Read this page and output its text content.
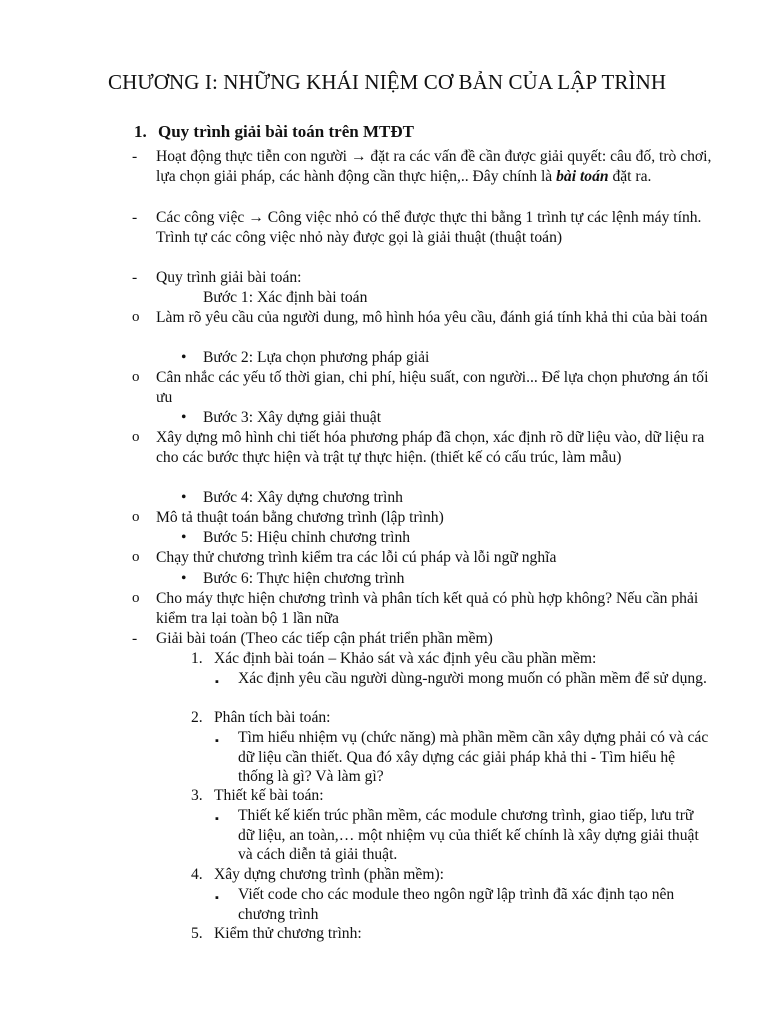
CHƯƠNG I: NHỮNG KHÁI NIỆM CƠ BẢN CỦA LẬP TRÌNH
1. Quy trình giải bài toán trên MTĐT
- Hoạt động thực tiễn con người → đặt ra các vấn đề cần được giải quyết: câu đố, trò chơi, lựa chọn giải pháp, các hành động cần thực hiện,.. Đây chính là bài toán đặt ra.
- Các công việc → Công việc nhỏ có thể được thực thi bằng 1 trình tự các lệnh máy tính. Trình tự các công việc nhỏ này được gọi là giải thuật (thuật toán)
- Quy trình giải bài toán:
Bước 1: Xác định bài toán
o Làm rõ yêu cầu của người dung, mô hình hóa yêu cầu, đánh giá tính khả thi của bài toán
• Bước 2: Lựa chọn phương pháp giải
o Cân nhắc các yếu tố thời gian, chi phí, hiệu suất, con người... Để lựa chọn phương án tối ưu
• Bước 3: Xây dựng giải thuật
o Xây dựng mô hình chi tiết hóa phương pháp đã chọn, xác định rõ dữ liệu vào, dữ liệu ra cho các bước thực hiện và trật tự thực hiện. (thiết kế có cấu trúc, làm mẫu)
• Bước 4: Xây dựng chương trình
o Mô tả thuật toán bằng chương trình (lập trình)
• Bước 5: Hiệu chỉnh chương trình
o Chạy thử chương trình kiểm tra các lỗi cú pháp và lỗi ngữ nghĩa
• Bước 6: Thực hiện chương trình
o Cho máy thực hiện chương trình và phân tích kết quả có phù hợp không? Nếu cần phải kiểm tra lại toàn bộ 1 lần nữa
- Giải bài toán (Theo các tiếp cận phát triển phần mềm)
1. Xác định bài toán – Khảo sát và xác định yêu cầu phần mềm:
▪ Xác định yêu cầu người dùng-người mong muốn có phần mềm để sử dụng.
2. Phân tích bài toán:
▪ Tìm hiểu nhiệm vụ (chức năng) mà phần mềm cần xây dựng phải có và các dữ liệu cần thiết. Qua đó xây dựng các giải pháp khả thi - Tìm hiểu hệ thống là gì? Và làm gì?
3. Thiết kế bài toán:
▪ Thiết kế kiến trúc phần mềm, các module chương trình, giao tiếp, lưu trữ dữ liệu, an toàn,… một nhiệm vụ của thiết kế chính là xây dựng giải thuật và cách diễn tả giải thuật.
4. Xây dựng chương trình (phần mềm):
▪ Viết code cho các module theo ngôn ngữ lập trình đã xác định tạo nên chương trình
5. Kiểm thử chương trình:
